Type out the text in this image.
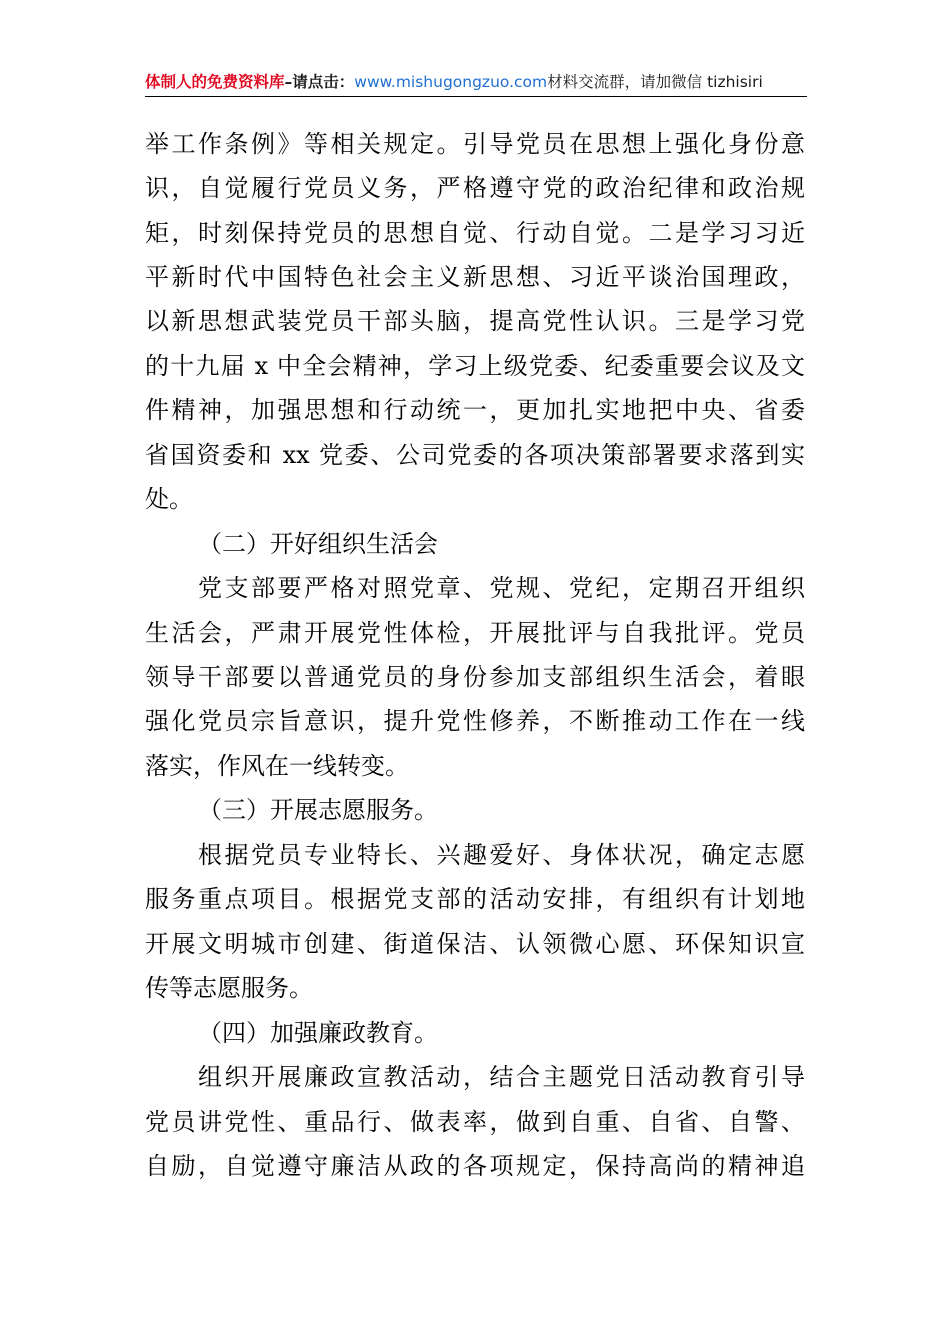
体制人的免费资料库–请点击：www.mishugongzuo.com材料交流群，请加微信 tizhisiri
举工作条例》等相关规定。引导党员在思想上强化身份意
识，自觉履行党员义务，严格遵守党的政治纪律和政治规
矩，时刻保持党员的思想自觉、行动自觉。二是学习习近
平新时代中国特色社会主义新思想、习近平谈治国理政，
以新思想武装党员干部头脑，提高党性认识。三是学习党
的十九届 x 中全会精神，学习上级党委、纪委重要会议及文
件精神，加强思想和行动统一，更加扎实地把中央、省委
省国资委和 xx 党委、公司党委的各项决策部署要求落到实
处。
（二）开好组织生活会
党支部要严格对照党章、党规、党纪，定期召开组织
生活会，严肃开展党性体检，开展批评与自我批评。党员
领导干部要以普通党员的身份参加支部组织生活会，着眼
强化党员宗旨意识，提升党性修养，不断推动工作在一线
落实，作风在一线转变。
（三）开展志愿服务。
根据党员专业特长、兴趣爱好、身体状况，确定志愿
服务重点项目。根据党支部的活动安排，有组织有计划地
开展文明城市创建、街道保洁、认领微心愿、环保知识宣
传等志愿服务。
（四）加强廉政教育。
组织开展廉政宣教活动，结合主题党日活动教育引导
党员讲党性、重品行、做表率，做到自重、自省、自警、
自励，自觉遵守廉洁从政的各项规定，保持高尚的精神追
